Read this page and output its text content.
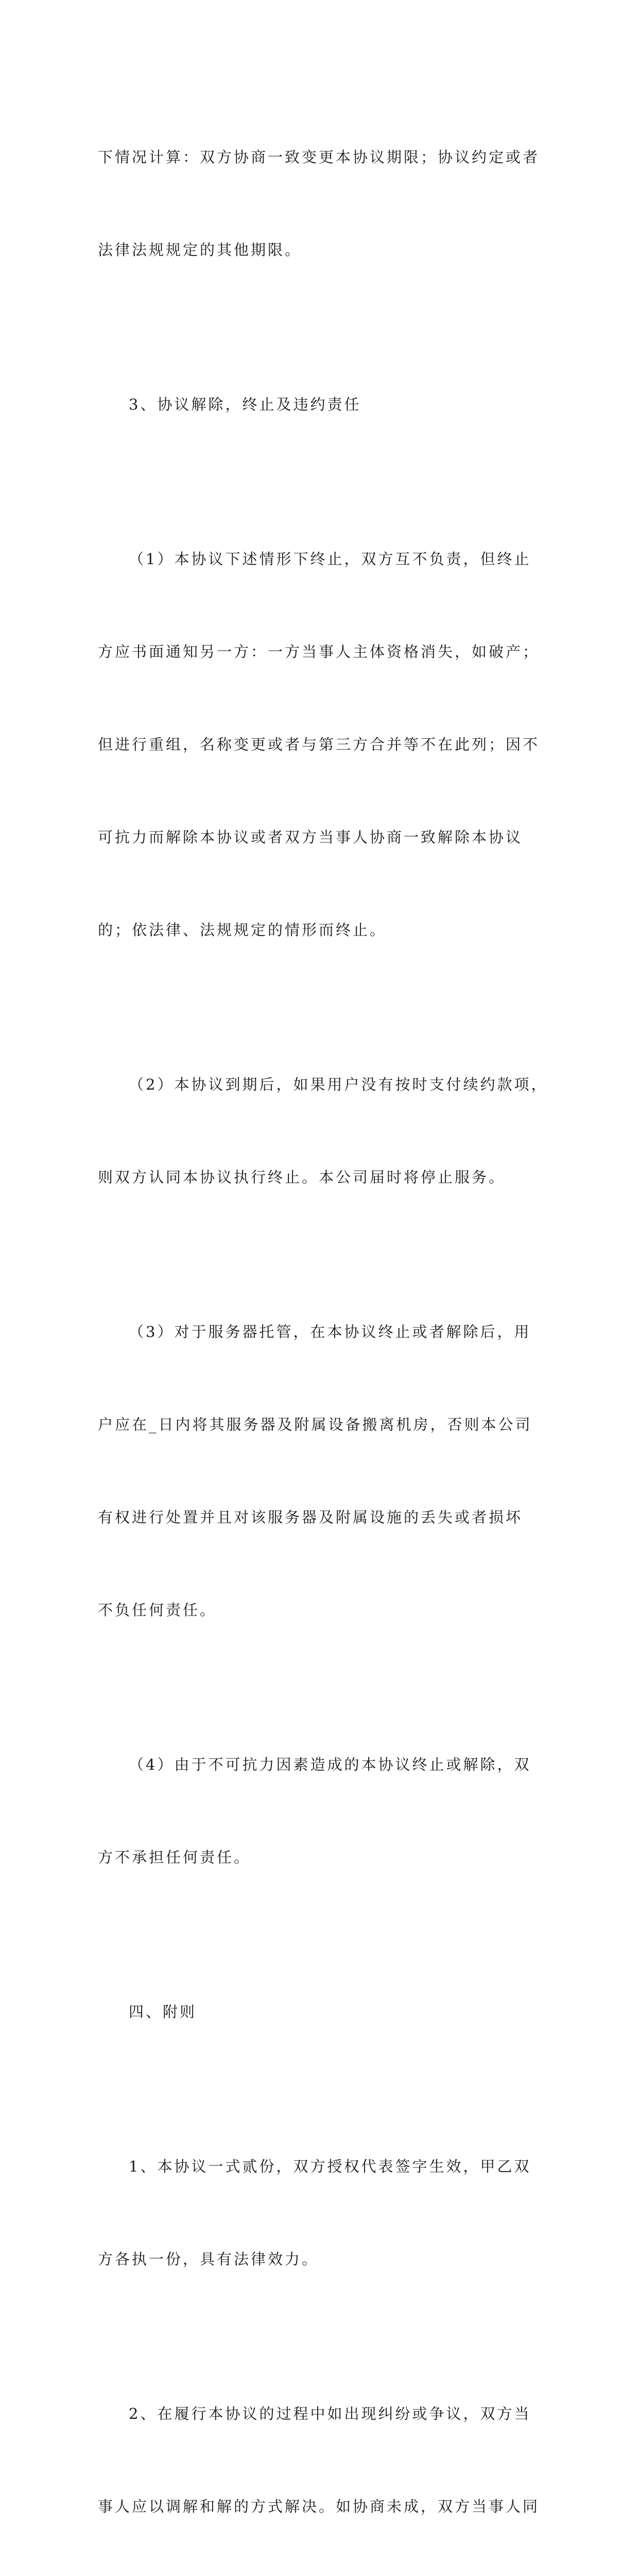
下情况计算：双方协商一致变更本协议期限；协议约定或者

法律法规规定的其他期限。

3、协议解除，终止及违约责任

（1）本协议下述情形下终止，双方互不负责，但终止

方应书面通知另一方：一方当事人主体资格消失，如破产；

但进行重组，名称变更或者与第三方合并等不在此列；因不

可抗力而解除本协议或者双方当事人协商一致解除本协议

的；依法律、法规规定的情形而终止。

（2）本协议到期后，如果用户没有按时支付续约款项，

则双方认同本协议执行终止。本公司届时将停止服务。

（3）对于服务器托管，在本协议终止或者解除后，用

户应在_日内将其服务器及附属设备搬离机房，否则本公司

有权进行处置并且对该服务器及附属设施的丢失或者损坏

不负任何责任。

（4）由于不可抗力因素造成的本协议终止或解除，双

方不承担任何责任。

四、附则

1、本协议一式贰份，双方授权代表签字生效，甲乙双

方各执一份，具有法律效力。

2、在履行本协议的过程中如出现纠纷或争议，双方当

事人应以调解和解的方式解决。如协商未成，双方当事人同
